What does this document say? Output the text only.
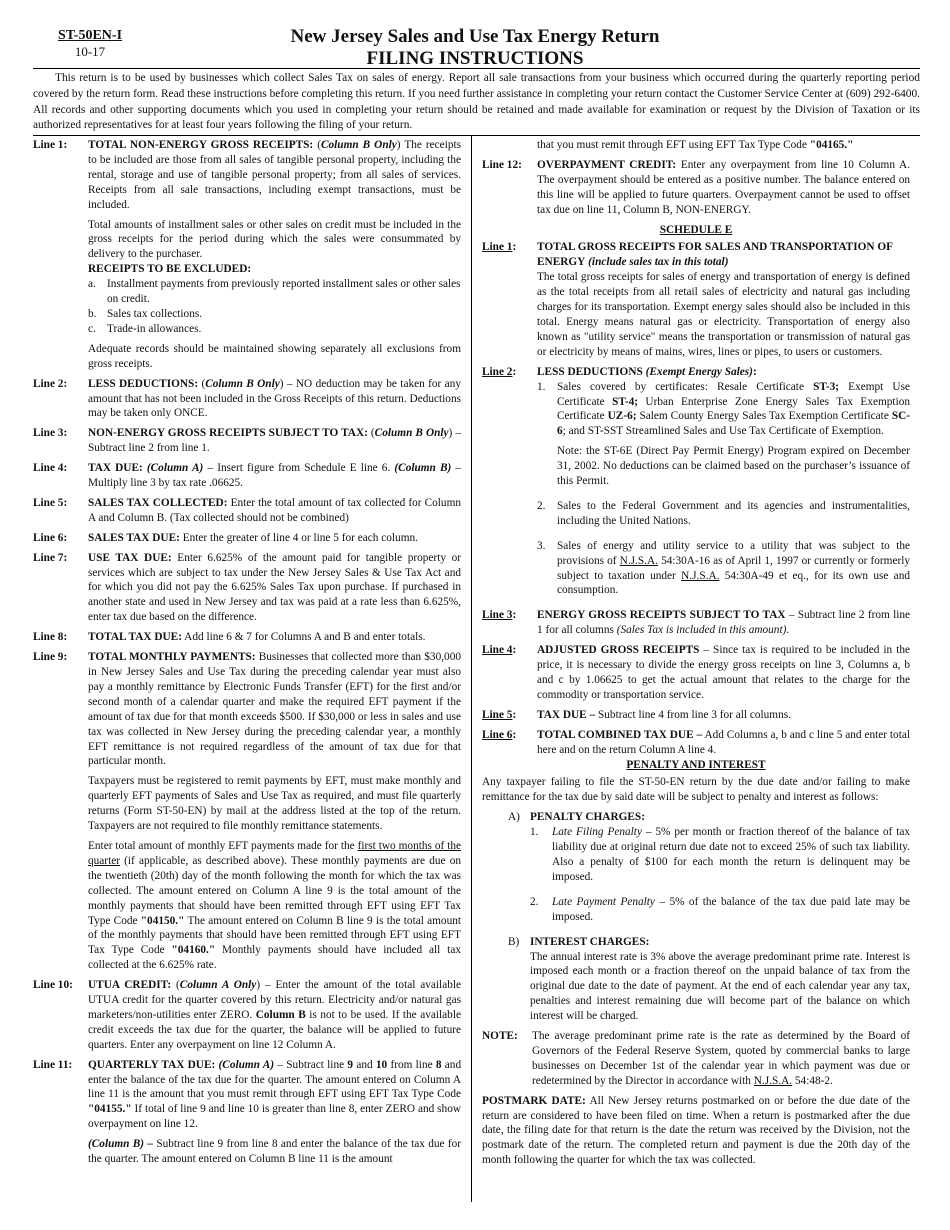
ST-50EN-I
10-17
New Jersey Sales and Use Tax Energy Return
FILING INSTRUCTIONS

This return is to be used by businesses which collect Sales Tax on sales of energy. Report all sale transactions from your business which occurred during the quarterly reporting period covered by the return form. Read these instructions before completing this return. If you need further assistance in completing your return contact the Customer Service Center at (609) 292-6400. All records and other supporting documents which you used in completing your return should be retained and made available for examination or request by the Division of Taxation or its authorized representatives for at least four years following the filing of your return.

Line 1:	TOTAL NON-ENERGY GROSS RECEIPTS: (Column B Only) The receipts to be included are those from all sales of tangible personal property, including the rental, storage and use of tangible personal property; from all sales of services. Receipts from all sale transactions, including exempt transactions, must be included.

Total amounts of installment sales or other sales on credit must be included in the gross receipts for the period during which the sales were consummated by delivery to the purchaser.

RECEIPTS TO BE EXCLUDED:
a. Installment payments from previously reported installment sales or other sales on credit.
b. Sales tax collections.
c. Trade-in allowances.

Adequate records should be maintained showing separately all exclusions from gross receipts.

Line 2:	LESS DEDUCTIONS: (Column B Only) – NO deduction may be taken for any amount that has not been included in the Gross Receipts of this return. Deductions may be taken only ONCE.

Line 3:	NON-ENERGY GROSS RECEIPTS SUBJECT TO TAX: (Column B Only) – Subtract line 2 from line 1.

Line 4:	TAX DUE: (Column A) – Insert figure from Schedule E line 6. (Column B) – Multiply line 3 by tax rate .06625.

Line 5:	SALES TAX COLLECTED: Enter the total amount of tax collected for Column A and Column B. (Tax collected should not be combined)

Line 6:	SALES TAX DUE: Enter the greater of line 4 or line 5 for each column.

Line 7:	USE TAX DUE: Enter 6.625% of the amount paid for tangible property or services which are subject to tax under the New Jersey Sales & Use Tax Act and for which you did not pay the 6.625% Sales Tax upon purchase. If purchased in another state and used in New Jersey and tax was paid at a rate less than 6.625%, enter tax due based on the difference.

Line 8:	TOTAL TAX DUE: Add line 6 & 7 for Columns A and B and enter totals.

Line 9:	TOTAL MONTHLY PAYMENTS: Businesses that collected more than $30,000 in New Jersey Sales and Use Tax during the preceding calendar year must also pay a monthly remittance by Electronic Funds Transfer (EFT) for the first and/or second month of a calendar quarter and make the required EFT payment if the amount of tax due for that month exceeds $500. If $30,000 or less in sales and use tax was collected in New Jersey during the preceding calendar year, a monthly EFT remittance is not required regardless of the amount of tax due for that particular month.

Taxpayers must be registered to remit payments by EFT, must make monthly and quarterly EFT payments of Sales and Use Tax as required, and must file quarterly returns (Form ST-50-EN) by mail at the address listed at the top of the return. Taxpayers are not required to file monthly remittance statements.

Enter total amount of monthly EFT payments made for the first two months of the quarter (if applicable, as described above). These monthly payments are due on the twentieth (20th) day of the month following the month for which the tax was collected. The amount entered on Column A line 9 is the total amount of the monthly payments that should have been remitted through EFT using EFT Tax Type Code "04150." The amount entered on Column B line 9 is the total amount of the monthly payments that should have been remitted through EFT using EFT Tax Type Code "04160." Monthly payments should have included all tax collected at the 6.625% rate.

Line 10:	UTUA CREDIT: (Column A Only) – Enter the amount of the total available UTUA credit for the quarter covered by this return. Electricity and/or natural gas marketers/non-utilities enter ZERO. Column B is not to be used. If the available credit exceeds the tax due for the quarter, the balance will be applied to future quarters. Enter any overpayment on line 12 Column A.

Line 11:	QUARTERLY TAX DUE: (Column A) – Subtract line 9 and 10 from line 8 and enter the balance of the tax due for the quarter. The amount entered on Column A line 11 is the amount that you must remit through EFT using EFT Tax Type Code "04155." If total of line 9 and line 10 is greater than line 8, enter ZERO and show overpayment on line 12.

(Column B) – Subtract line 9 from line 8 and enter the balance of the tax due for the quarter. The amount entered on Column B line 11 is the amount

that you must remit through EFT using EFT Tax Type Code "04165."

Line 12:	OVERPAYMENT CREDIT: Enter any overpayment from line 10 Column A. The overpayment should be entered as a positive number. The balance entered on this line will be applied to future quarters. Overpayment cannot be used to offset tax due on line 11, Column B, NON-ENERGY.

SCHEDULE E
Line 1:	TOTAL GROSS RECEIPTS FOR SALES AND TRANSPORTATION OF ENERGY (include sales tax in this total)

The total gross receipts for sales of energy and transportation of energy is defined as the total receipts from all retail sales of electricity and natural gas including charges for its transportation. Exempt energy sales should also be included in this total. Energy means natural gas or electricity. Transportation of energy also known as "utility service" means the transportation or transmission of natural gas or electricity by means of mains, wires, lines or pipes, to users or customers.

Line 2:	LESS DEDUCTIONS (Exempt Energy Sales):
1.	Sales covered by certificates: Resale Certificate ST-3; Exempt Use Certificate ST-4; Urban Enterprise Zone Energy Sales Tax Exemption Certificate UZ-6; Salem County Energy Sales Tax Exemption Certificate SC-6; and ST-SST Streamlined Sales and Use Tax Certificate of Exemption.

Note: the ST-6E (Direct Pay Permit Energy) Program expired on December 31, 2002. No deductions can be claimed based on the purchaser’s issuance of this Permit.

2.	Sales to the Federal Government and its agencies and instrumentalities, including the United Nations.

3.	Sales of energy and utility service to a utility that was subject to the provisions of N.J.S.A. 54:30A-16 as of April 1, 1997 or currently or formerly subject to taxation under N.J.S.A. 54:30A-49 et eq., for its own use and consumption.

Line 3:	ENERGY GROSS RECEIPTS SUBJECT TO TAX – Subtract line 2 from line 1 for all columns (Sales Tax is included in this amount).

Line 4:	ADJUSTED GROSS RECEIPTS – Since tax is required to be included in the price, it is necessary to divide the energy gross receipts on line 3, Columns a, b and c by 1.06625 to get the actual amount that relates to the charge for the commodity or transportation service.

Line 5:	TAX DUE – Subtract line 4 from line 3 for all columns.

Line 6:	TOTAL COMBINED TAX DUE – Add Columns a, b and c line 5 and enter total here and on the return Column A line 4.

PENALTY AND INTEREST

Any taxpayer failing to file the ST-50-EN return by the due date and/or failing to make remittance for the tax due by said date will be subject to penalty and interest as follows:

A) PENALTY CHARGES:
1.	Late Filing Penalty – 5% per month or fraction thereof of the balance of tax liability due at original return due date not to exceed 25% of such tax liability. Also a penalty of $100 for each month the return is delinquent may be imposed.

2.	Late Payment Penalty – 5% of the balance of the tax due paid late may be imposed.

B) INTEREST CHARGES:

The annual interest rate is 3% above the average predominant prime rate. Interest is imposed each month or a fraction thereof on the unpaid balance of tax from the original due date to the date of payment. At the end of each calendar year any tax, penalties and interest remaining due will become part of the balance on which interest will be charged.

NOTE:	The average predominant prime rate is the rate as determined by the Board of Governors of the Federal Reserve System, quoted by commercial banks to large businesses on December 1st of the calendar year in which payment was due or redetermined by the Director in accordance with N.J.S.A. 54:48-2.

POSTMARK DATE: All New Jersey returns postmarked on or before the due date of the return are considered to have been filed on time. When a return is postmarked after the due date, the filing date for that return is the date the return was received by the Division, not the postmark date of the return. The completed return and payment is due the 20th day of the month following the quarter for which the tax was collected.
